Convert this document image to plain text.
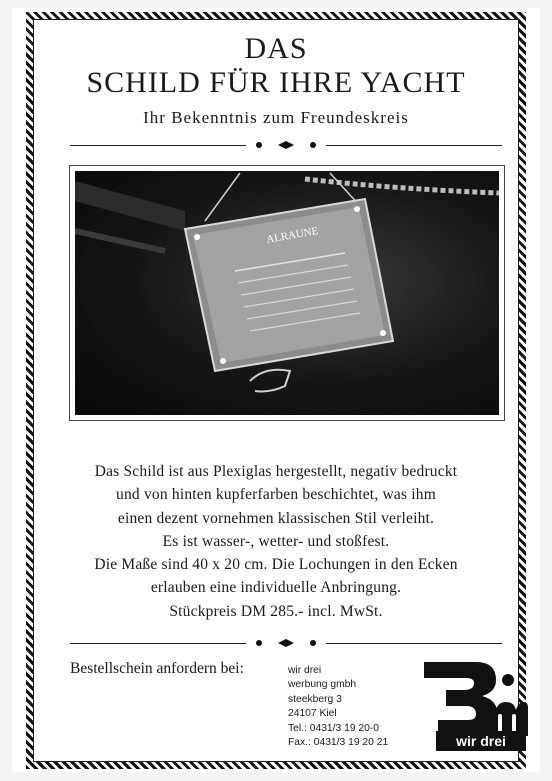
DAS
SCHILD FÜR IHRE YACHT
Ihr Bekenntnis zum Freundeskreis
ALRAUNE
Das Schild ist aus Plexiglas hergestellt, negativ bedruckt
und von hinten kupferfarben beschichtet, was ihm
einen dezent vornehmen klassischen Stil verleiht.
Es ist wasser-, wetter- und stoßfest.
Die Maße sind 40 x 20 cm. Die Lochungen in den Ecken
erlauben eine individuelle Anbringung.
Stückpreis DM 285.- incl. MwSt.
Bestellschein anfordern bei:	wir drei
werbung gmbh
steekberg 3
24107 Kiel
Tel.: 0431/3 19 20-0
Fax.: 0431/3 19 20 21	wir drei
